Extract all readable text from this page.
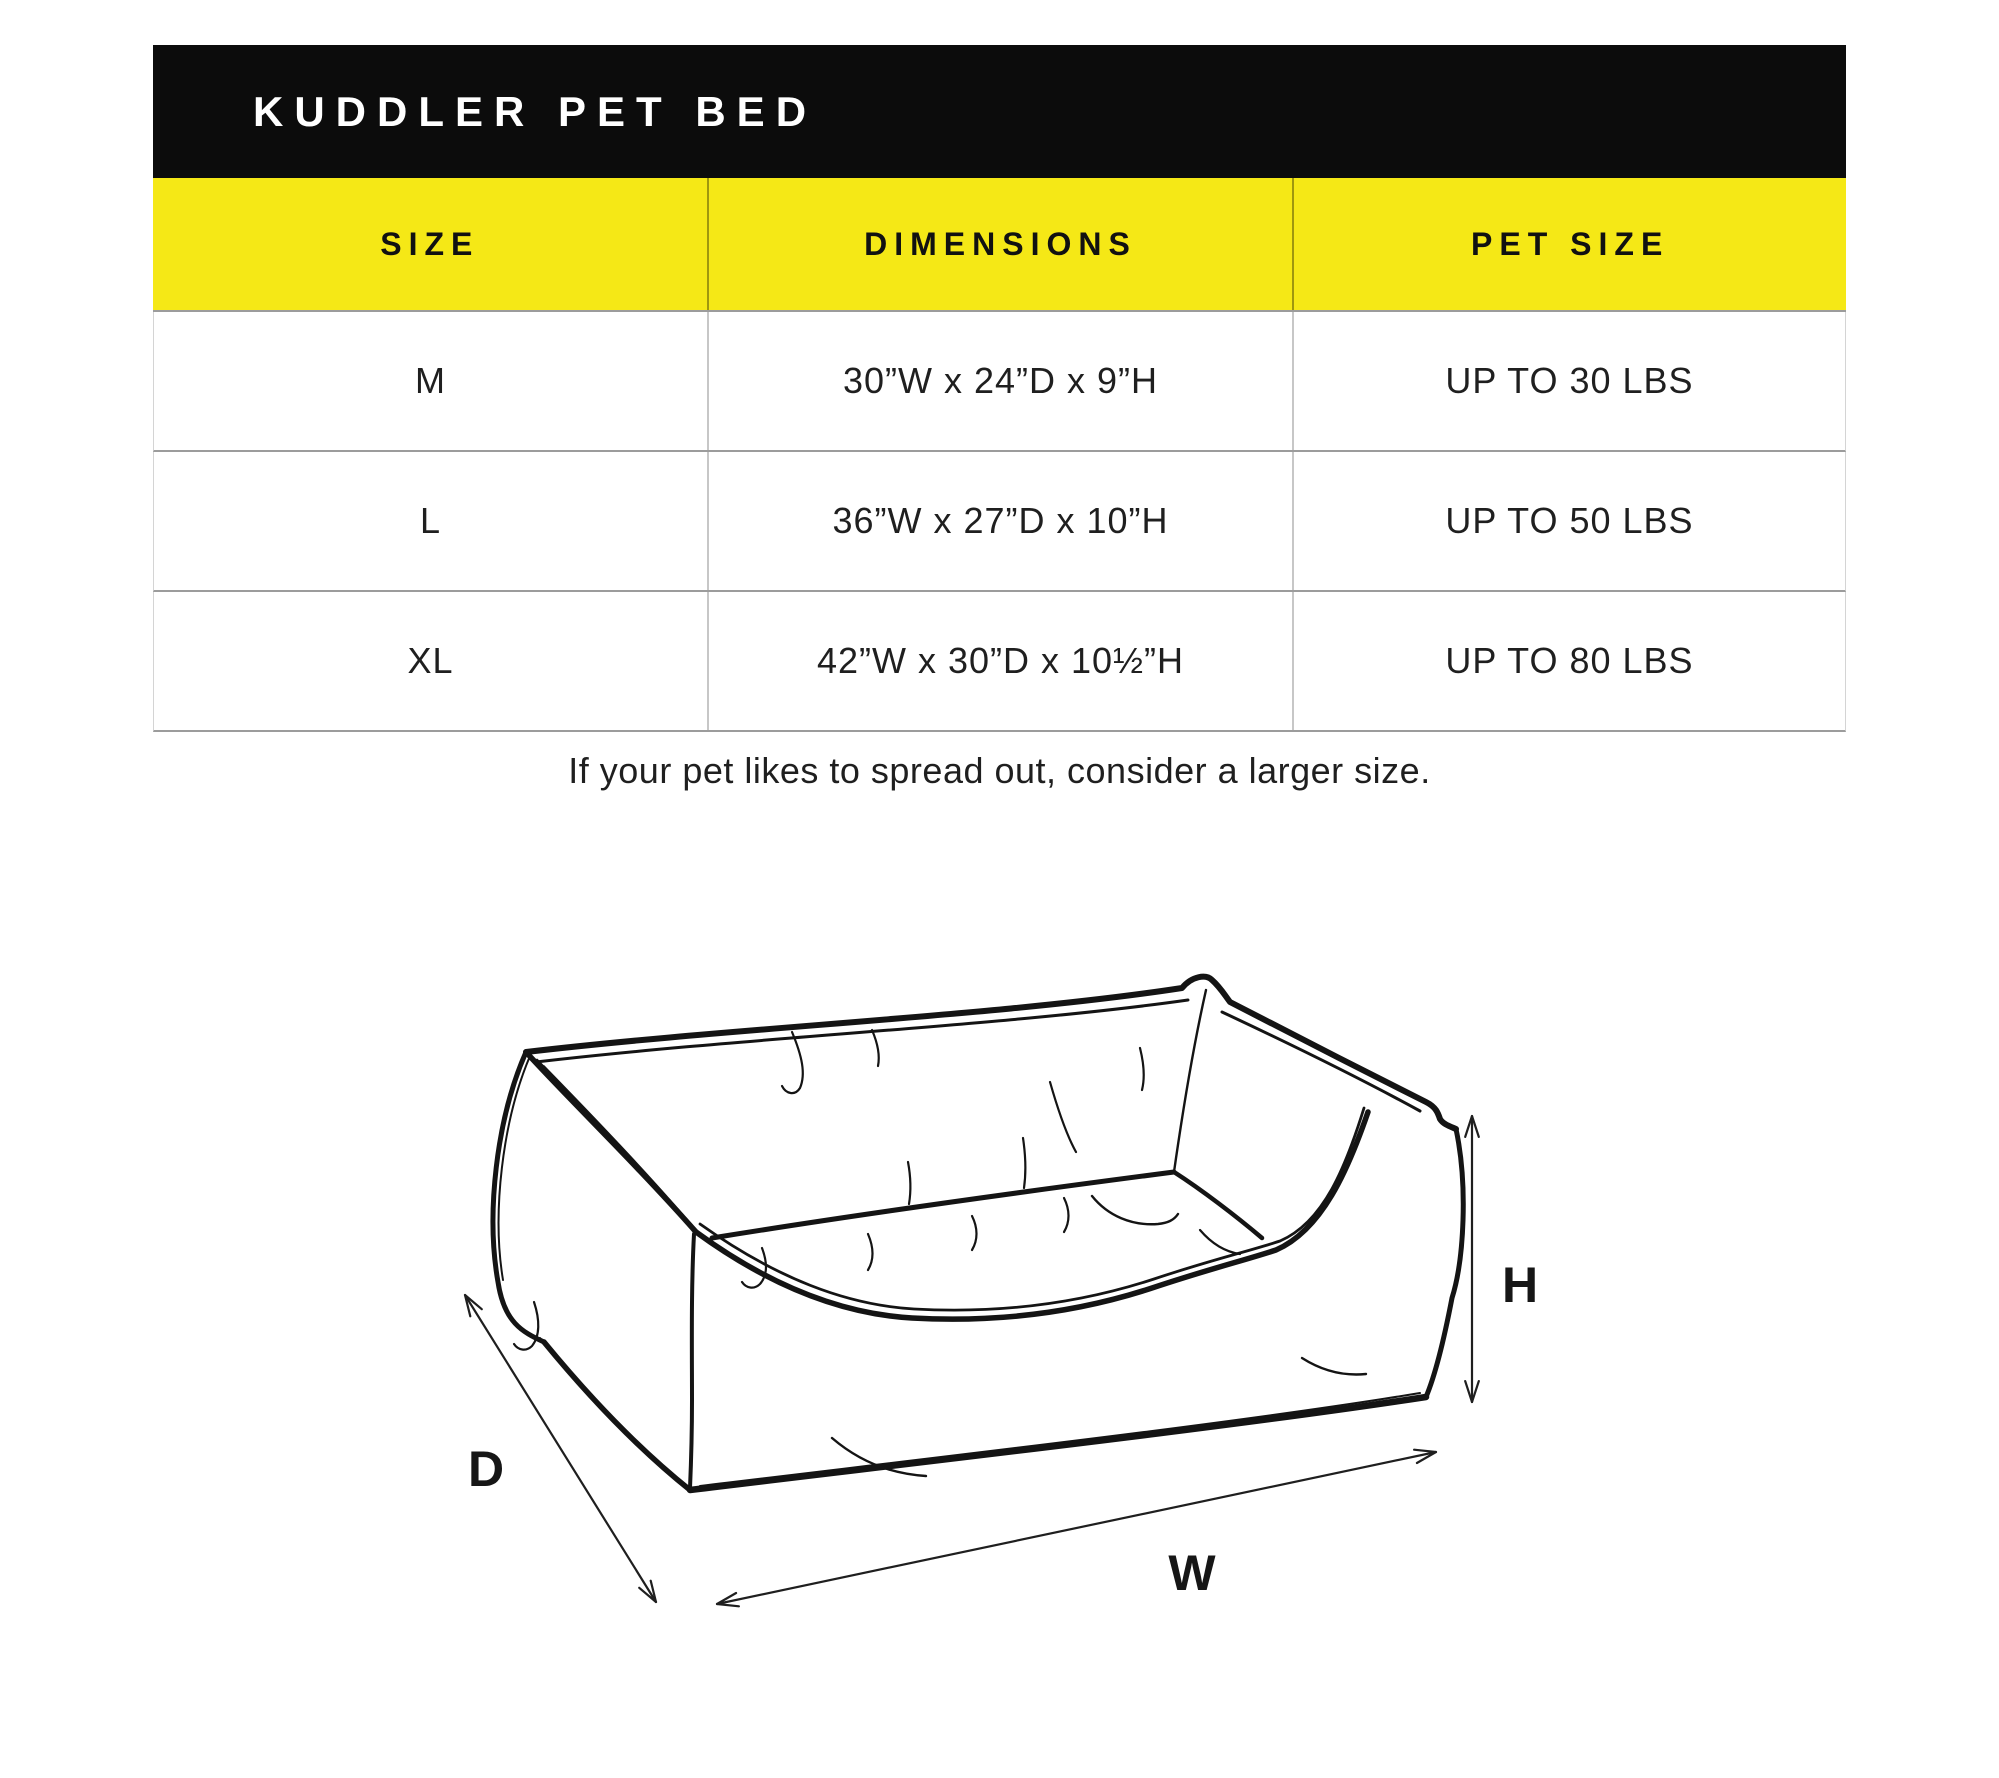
KUDDLER PET BED
SIZE	DIMENSIONS	PET SIZE
M	30”W x 24”D x 9”H	UP TO 30 LBS
L	36”W x 27”D x 10”H	UP TO 50 LBS
XL	42”W x 30”D x 10½”H	UP TO 80 LBS
If your pet likes to spread out, consider a larger size.
D
W
H
